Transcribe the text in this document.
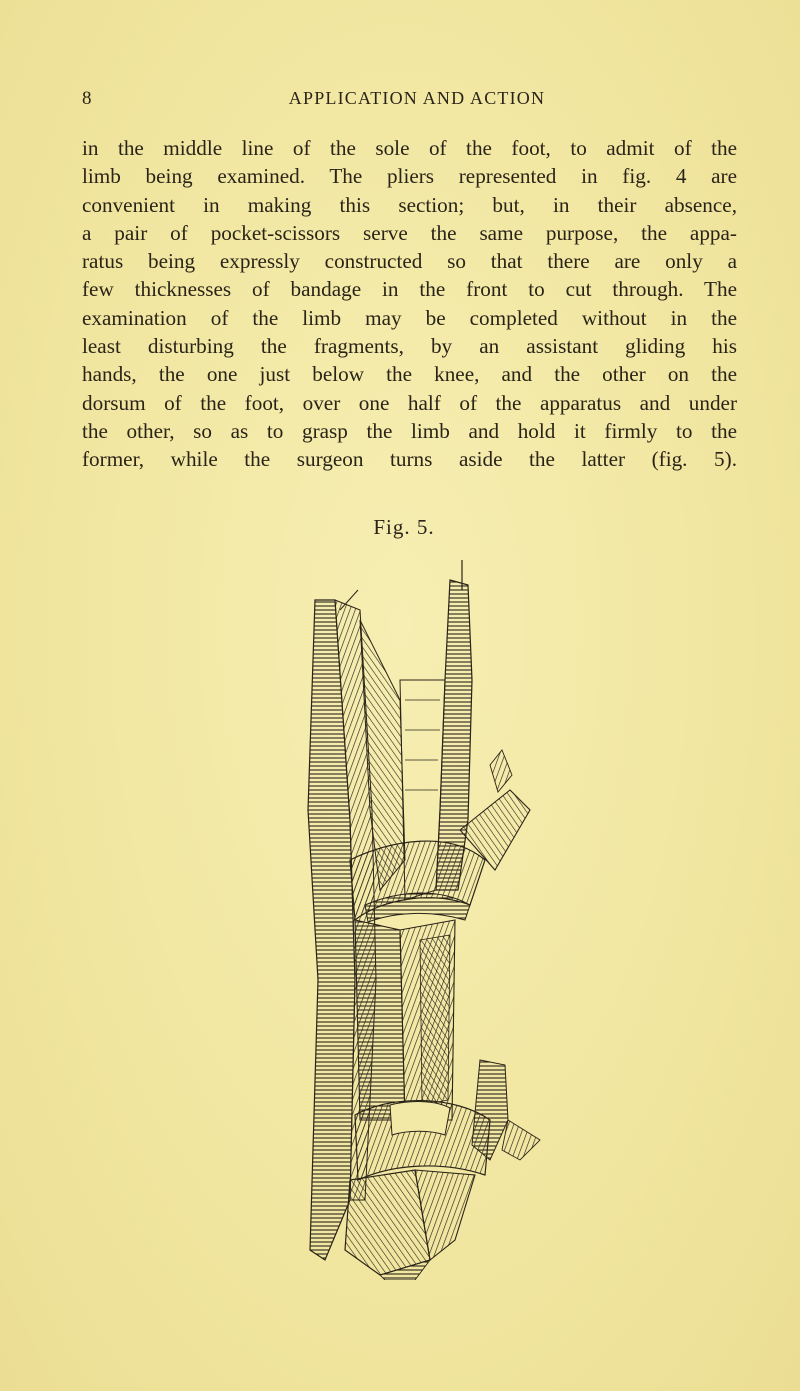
8	APPLICATION AND ACTION
in the middle line of the sole of the foot, to admit of the
limb being examined. The pliers represented in fig. 4 are
convenient in making this section; but, in their absence,
a pair of pocket-scissors serve the same purpose, the appa-
ratus being expressly constructed so that there are only a
few thicknesses of bandage in the front to cut through. The
examination of the limb may be completed without in the
least disturbing the fragments, by an assistant gliding his
hands, the one just below the knee, and the other on the
dorsum of the foot, over one half of the apparatus and under
the other, so as to grasp the limb and hold it firmly to the
former, while the surgeon turns aside the latter (fig. 5).
Fig. 5.
